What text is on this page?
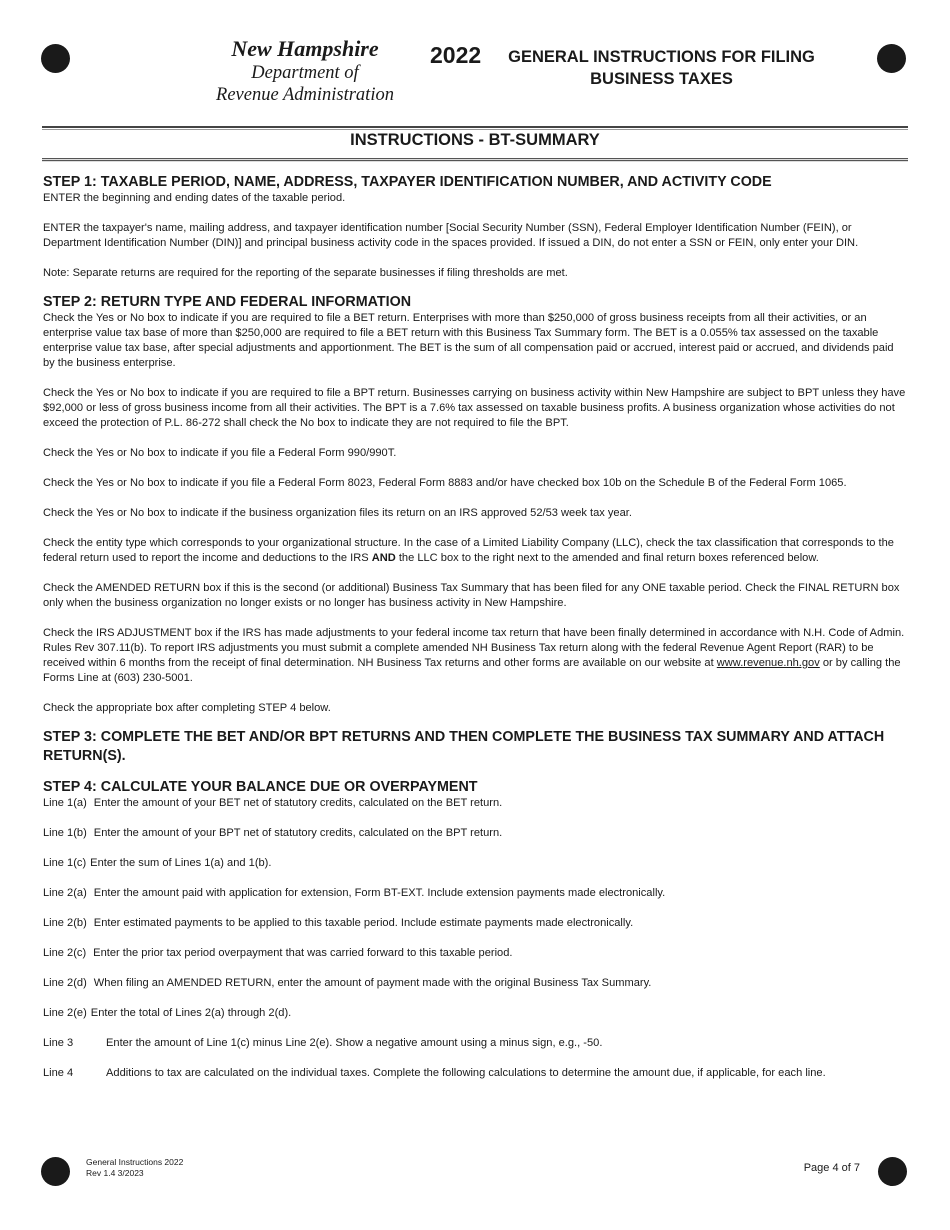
New Hampshire
Department of
Revenue Administration
2022	GENERAL INSTRUCTIONS FOR FILING
BUSINESS TAXES
INSTRUCTIONS - BT-SUMMARY
STEP 1: TAXABLE PERIOD, NAME, ADDRESS, TAXPAYER IDENTIFICATION NUMBER, AND ACTIVITY CODE

ENTER the beginning and ending dates of the taxable period.

ENTER the taxpayer's name, mailing address, and taxpayer identification number [Social Security Number (SSN), Federal Employer Identification Number (FEIN), or Department Identification Number (DIN)] and principal business activity code in the spaces provided. If issued a DIN, do not enter a SSN or FEIN, only enter your DIN.

Note: Separate returns are required for the reporting of the separate businesses if filing thresholds are met.

STEP 2: RETURN TYPE AND FEDERAL INFORMATION

Check the Yes or No box to indicate if you are required to file a BET return. Enterprises with more than $250,000 of gross business receipts from all their activities, or an enterprise value tax base of more than $250,000 are required to file a BET return with this Business Tax Summary form. The BET is a 0.055% tax assessed on the taxable enterprise value tax base, after special adjustments and apportionment. The BET is the sum of all compensation paid or accrued, interest paid or accrued, and dividends paid by the business enterprise.

Check the Yes or No box to indicate if you are required to file a BPT return. Businesses carrying on business activity within New Hampshire are subject to BPT unless they have $92,000 or less of gross business income from all their activities. The BPT is a 7.6% tax assessed on taxable business profits. A business organization whose activities do not exceed the protection of P.L. 86-272 shall check the No box to indicate they are not required to file the BPT.

Check the Yes or No box to indicate if you file a Federal Form 990/990T.

Check the Yes or No box to indicate if you file a Federal Form 8023, Federal Form 8883 and/or have checked box 10b on the Schedule B of the Federal Form 1065.

Check the Yes or No box to indicate if the business organization files its return on an IRS approved 52/53 week tax year.

Check the entity type which corresponds to your organizational structure. In the case of a Limited Liability Company (LLC), check the tax classification that corresponds to the federal return used to report the income and deductions to the IRS AND the LLC box to the right next to the amended and final return boxes referenced below.

Check the AMENDED RETURN box if this is the second (or additional) Business Tax Summary that has been filed for any ONE taxable period. Check the FINAL RETURN box only when the business organization no longer exists or no longer has business activity in New Hampshire.

Check the IRS ADJUSTMENT box if the IRS has made adjustments to your federal income tax return that have been finally determined in accordance with N.H. Code of Admin. Rules Rev 307.11(b). To report IRS adjustments you must submit a complete amended NH Business Tax return along with the federal Revenue Agent Report (RAR) to be received within 6 months from the receipt of final determination. NH Business Tax returns and other forms are available on our website at www.revenue.nh.gov or by calling the Forms Line at (603) 230-5001.

Check the appropriate box after completing STEP 4 below.

STEP 3: COMPLETE THE BET AND/OR BPT RETURNS AND THEN COMPLETE THE BUSINESS TAX SUMMARY AND ATTACH
RETURN(S).
STEP 4: CALCULATE YOUR BALANCE DUE OR OVERPAYMENT

Line 1(a) Enter the amount of your BET net of statutory credits, calculated on the BET return.

Line 1(b) Enter the amount of your BPT net of statutory credits, calculated on the BPT return.

Line 1(c) Enter the sum of Lines 1(a) and 1(b).

Line 2(a) Enter the amount paid with application for extension, Form BT-EXT. Include extension payments made electronically.

Line 2(b) Enter estimated payments to be applied to this taxable period. Include estimate payments made electronically.

Line 2(c) Enter the prior tax period overpayment that was carried forward to this taxable period.

Line 2(d) When filing an AMENDED RETURN, enter the amount of payment made with the original Business Tax Summary.

Line 2(e) Enter the total of Lines 2(a) through 2(d).

Line 3	Enter the amount of Line 1(c) minus Line 2(e). Show a negative amount using a minus sign, e.g., -50.

Line 4	Additions to tax are calculated on the individual taxes. Complete the following calculations to determine the amount due, if applicable, for each line.

General Instructions 2022
Rev 1.4 3/2023	Page 4 of 7
